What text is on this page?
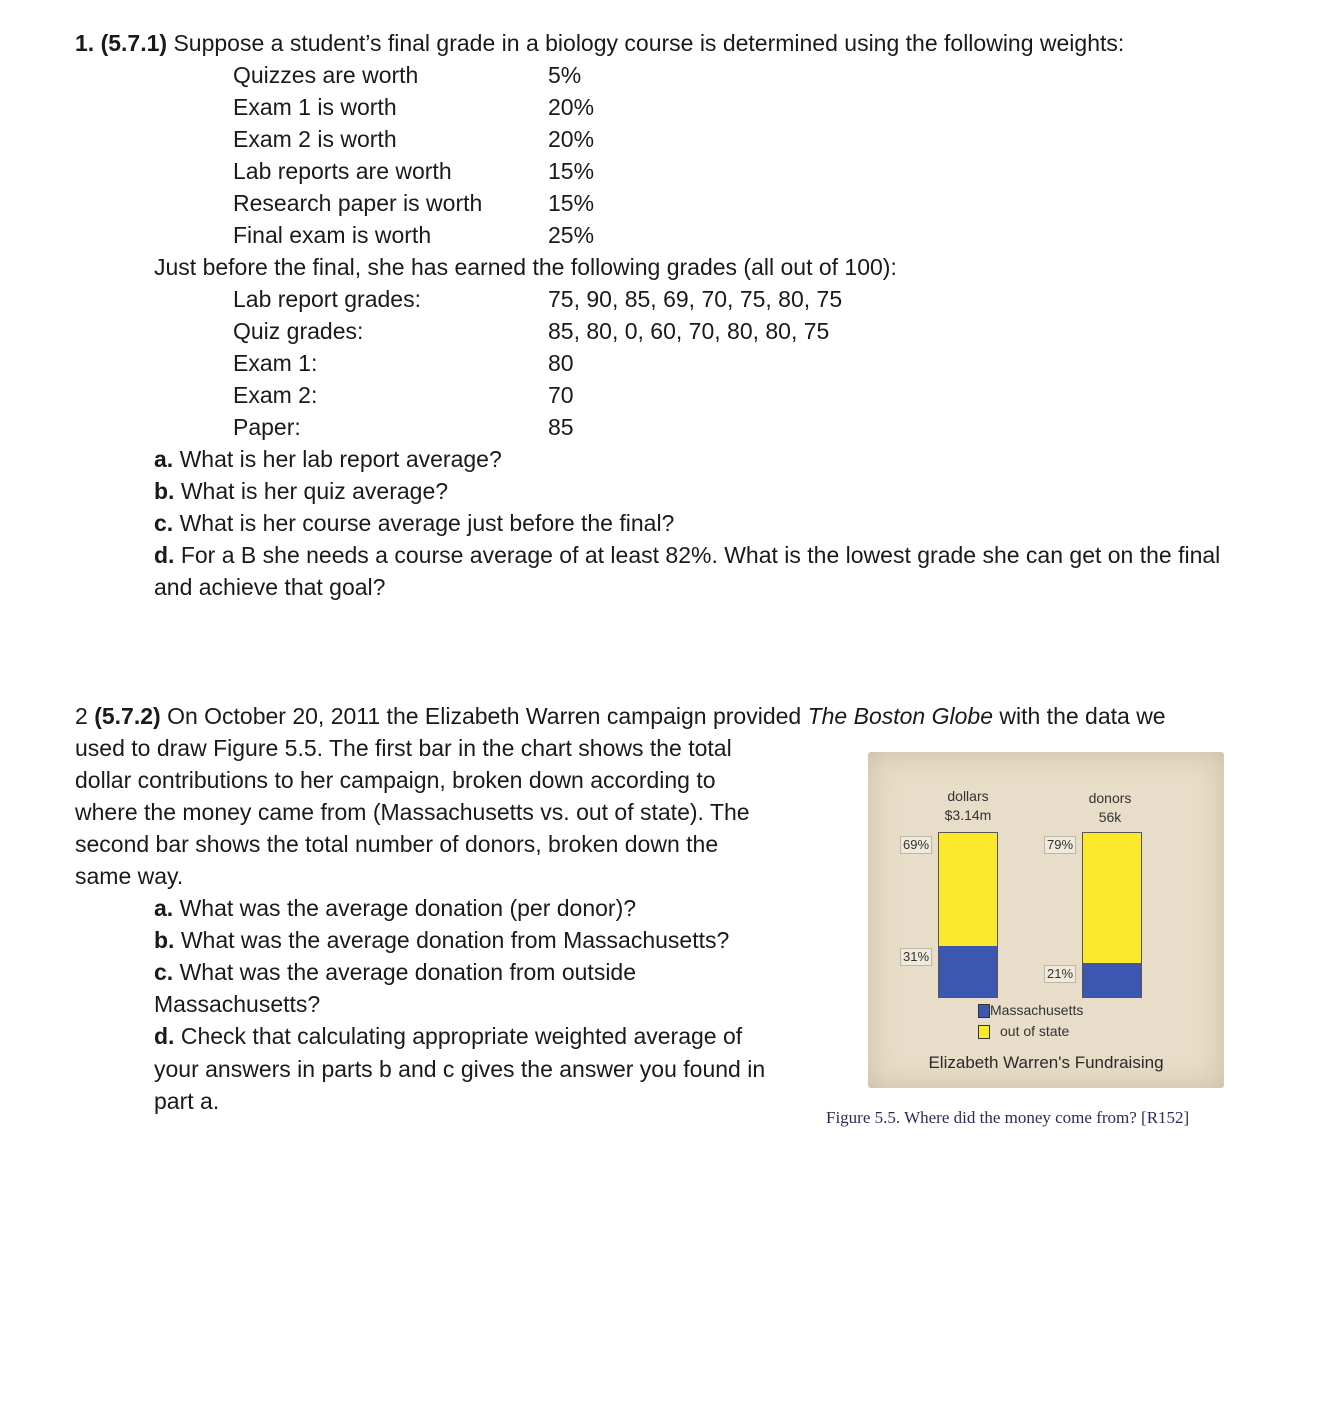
1. (5.7.1) Suppose a student’s final grade in a biology course is determined using the following weights:
Quizzes are worth	5%
Exam 1 is worth	20%
Exam 2 is worth	20%
Lab reports are worth	15%
Research paper is worth	15%
Final exam is worth	25%
Just before the final, she has earned the following grades (all out of 100):
Lab report grades:	75, 90, 85, 69, 70, 75, 80, 75
Quiz grades:	85, 80, 0, 60, 70, 80, 80, 75
Exam 1:	80
Exam 2:	70
Paper:	85
a. What is her lab report average?
b. What is her quiz average?
c. What is her course average just before the final?
d. For a B she needs a course average of at least 82%. What is the lowest grade she can get on the final
and achieve that goal?
2 (5.7.2) On October 20, 2011 the Elizabeth Warren campaign provided The Boston Globe with the data we
used to draw Figure 5.5. The first bar in the chart shows the total
dollar contributions to her campaign, broken down according to
where the money came from (Massachusetts vs. out of state). The
second bar shows the total number of donors, broken down the
same way.
a. What was the average donation (per donor)?
b. What was the average donation from Massachusetts?
c. What was the average donation from outside
Massachusetts?
d. Check that calculating appropriate weighted average of
your answers in parts b and c gives the answer you found in
part a.
dollars
$3.14m
donors
56k
69%
31%
79%
21%
Massachusetts
out of state
Elizabeth Warren's Fundraising
Figure 5.5. Where did the money come from? [R152]
